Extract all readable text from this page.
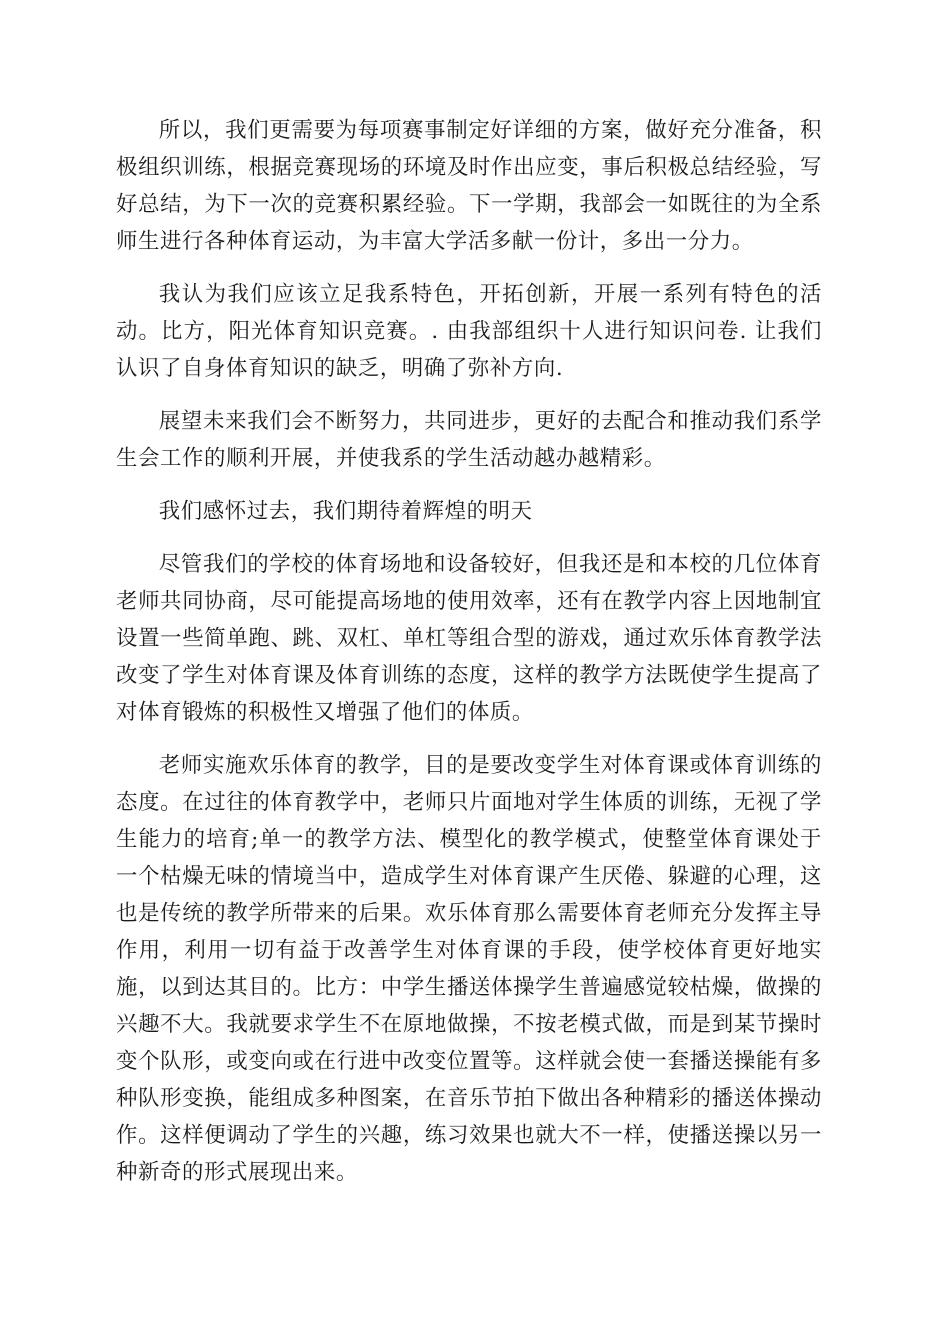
所以，我们更需要为每项赛事制定好详细的方案，做好充分准备，积极组织训练，根据竞赛现场的环境及时作出应变，事后积极总结经验，写好总结，为下一次的竞赛积累经验。下一学期，我部会一如既往的为全系师生进行各种体育运动，为丰富大学活多献一份计，多出一分力。

我认为我们应该立足我系特色，开拓创新，开展一系列有特色的活动。比方，阳光体育知识竞赛。. 由我部组织十人进行知识问卷. 让我们认识了自身体育知识的缺乏，明确了弥补方向.

展望未来我们会不断努力，共同进步，更好的去配合和推动我们系学生会工作的顺利开展，并使我系的学生活动越办越精彩。

我们感怀过去，我们期待着辉煌的明天

尽管我们的学校的体育场地和设备较好，但我还是和本校的几位体育老师共同协商，尽可能提高场地的使用效率，还有在教学内容上因地制宜设置一些简单跑、跳、双杠、单杠等组合型的游戏，通过欢乐体育教学法改变了学生对体育课及体育训练的态度，这样的教学方法既使学生提高了对体育锻炼的积极性又增强了他们的体质。

老师实施欢乐体育的教学，目的是要改变学生对体育课或体育训练的态度。在过往的体育教学中，老师只片面地对学生体质的训练，无视了学生能力的培育;单一的教学方法、模型化的教学模式，使整堂体育课处于一个枯燥无味的情境当中，造成学生对体育课产生厌倦、躲避的心理，这也是传统的教学所带来的后果。欢乐体育那么需要体育老师充分发挥主导作用，利用一切有益于改善学生对体育课的手段，使学校体育更好地实施，以到达其目的。比方：中学生播送体操学生普遍感觉较枯燥，做操的兴趣不大。我就要求学生不在原地做操，不按老模式做，而是到某节操时变个队形，或变向或在行进中改变位置等。这样就会使一套播送操能有多种队形变换，能组成多种图案，在音乐节拍下做出各种精彩的播送体操动作。这样便调动了学生的兴趣，练习效果也就大不一样，使播送操以另一种新奇的形式展现出来。
